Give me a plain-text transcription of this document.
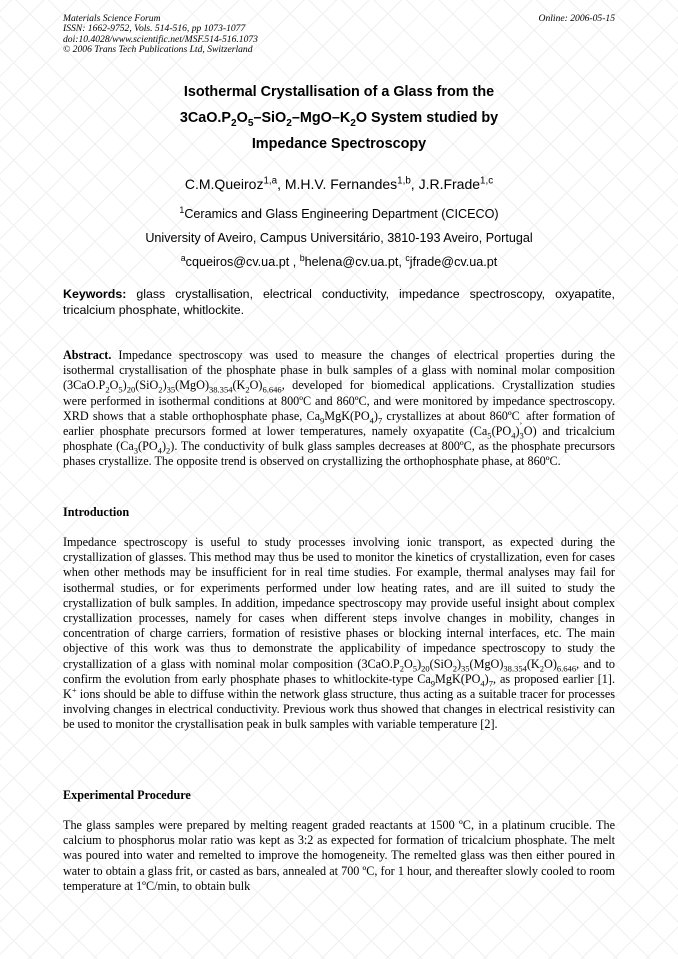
Materials Science Forum
ISSN: 1662-9752, Vols. 514-516, pp 1073-1077
doi:10.4028/www.scientific.net/MSF.514-516.1073
© 2006 Trans Tech Publications Ltd, Switzerland
Online: 2006-05-15
Isothermal Crystallisation of a Glass from the
$3CaO.P_2O_5-SiO_2-MgO-K_2O$ System studied by
Impedance Spectroscopy
C.M.Queiroz$^{1,a}$, M.H.V. Fernandes$^{1,b}$, J.R.Frade$^{1,c}$
$^1$Ceramics and Glass Engineering Department (CICECO)
University of Aveiro, Campus Universitário, 3810-193 Aveiro, Portugal
$^a$cqueiros@cv.ua.pt , $^b$helena@cv.ua.pt, $^c$jfrade@cv.ua.pt
Keywords: glass crystallisation, electrical conductivity, impedance spectroscopy, oxyapatite, tricalcium phosphate, whitlockite.
Abstract. Impedance spectroscopy was used to measure the changes of electrical properties during the isothermal crystallisation of the phosphate phase in bulk samples of a glass with nominal molar composition $(3CaO.P_2O_5)_{20}(SiO_2)_{35}(MgO)_{38.354}(K_2O)_{6.646}$, developed for biomedical applications. Crystallization studies were performed in isothermal conditions at 800ºC and 860ºC, and were monitored by impedance spectroscopy. XRD shows that a stable orthophosphate phase, $Ca_9MgK(PO_4)_7$ crystallizes at about 860ºC$_,$ after formation of earlier phosphate precursors formed at lower temperatures, namely oxyapatite $(Ca_5(PO_4)_3O)$ and tricalcium phosphate $(Ca_3(PO_4)_2)$. The conductivity of bulk glass samples decreases at 800ºC, as the phosphate precursors phases crystallize. The opposite trend is observed on crystallizing the orthophosphate phase, at 860ºC.
Introduction
Impedance spectroscopy is useful to study processes involving ionic transport, as expected during the crystallization of glasses. This method may thus be used to monitor the kinetics of crystallization, even for cases when other methods may be insufficient for in real time studies. For example, thermal analyses may fail for isothermal studies, or for experiments performed under low heating rates, and are ill suited to study the crystallization of bulk samples. In addition, impedance spectroscopy may provide useful insight about complex crystallization processes, namely for cases when different steps involve changes in mobility, changes in concentration of charge carriers, formation of resistive phases or blocking internal interfaces, etc. The main objective of this work was thus to demonstrate the applicability of impedance spectroscopy to study the crystallization of a glass with nominal molar composition $(3CaO.P_2O_5)_{20}(SiO_2)_{35}(MgO)_{38.354}(K_2O)_{6.646}$, and to confirm the evolution from early phosphate phases to whitlockite-type $Ca_9MgK(PO_4)_7$, as proposed earlier [1]. K+ ions should be able to diffuse within the network glass structure, thus acting as a suitable tracer for processes involving changes in electrical conductivity. Previous work thus showed that changes in electrical resistivity can be used to monitor the crystallisation peak in bulk samples with variable temperature [2].
Experimental Procedure
The glass samples were prepared by melting reagent graded reactants at 1500 ºC, in a platinum crucible. The calcium to phosphorus molar ratio was kept as 3:2 as expected for formation of tricalcium phosphate. The melt was poured into water and remelted to improve the homogeneity. The remelted glass was then either poured in water to obtain a glass frit, or casted as bars, annealed at 700 ºC, for 1 hour, and thereafter slowly cooled to room temperature at 1ºC/min, to obtain bulk
